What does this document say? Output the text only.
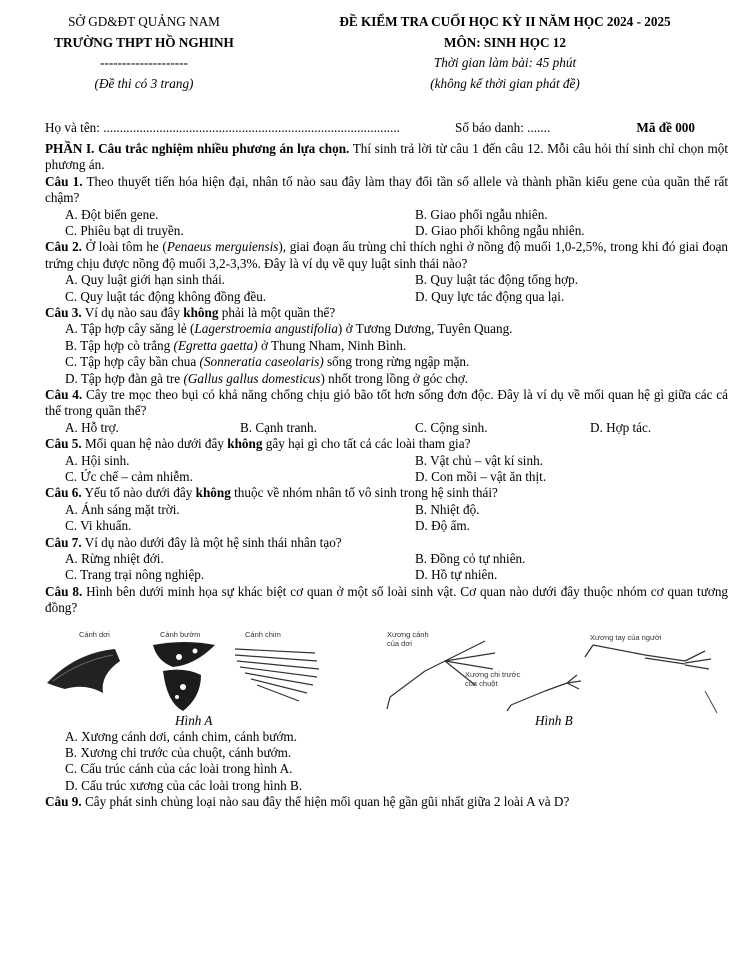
SỞ GD&ĐT QUẢNG NAM
TRƯỜNG THPT HỒ NGHINH
--------------------
(Đề thi có 3 trang)
ĐỀ KIỂM TRA CUỐI HỌC KỲ II NĂM HỌC 2024 - 2025
MÔN: SINH HỌC 12
Thời gian làm bài: 45 phút
(không kể thời gian phát đề)
Họ và tên: ..........................................................................................	Số báo danh: .......	Mã đề 000

PHẦN I. Câu trắc nghiệm nhiều phương án lựa chọn. Thí sinh trả lời từ câu 1 đến câu 12. Mỗi câu hỏi thí sinh chỉ chọn một phương án.

Câu 1. Theo thuyết tiến hóa hiện đại, nhân tố nào sau đây làm thay đổi tần số allele và thành phần kiểu gene của quần thể rất chậm?

A. Đột biến gene.	B. Giao phối ngẫu nhiên.
C. Phiêu bạt di truyền.	D. Giao phối không ngẫu nhiên.

Câu 2. Ở loài tôm he (Penaeus merguiensis), giai đoạn ấu trùng chỉ thích nghi ở nồng độ muối 1,0-2,5%, trong khi đó giai đoạn trứng chịu được nồng độ muối 3,2-3,3%. Đây là ví dụ về quy luật sinh thái nào?

A. Quy luật giới hạn sinh thái.	B. Quy luật tác động tổng hợp.
C. Quy luật tác động không đồng đều.	D. Quy lực tác động qua lại.

Câu 3. Ví dụ nào sau đây không phải là một quần thể?

A. Tập hợp cây săng lẻ (Lagerstroemia angustifolia) ở Tương Dương, Tuyên Quang.

B. Tập hợp cò trắng (Egretta gaetta) ở Thung Nham, Ninh Bình.

C. Tập hợp cây bần chua (Sonneratia caseolaris) sống trong rừng ngập mặn.

D. Tập hợp đàn gà tre (Gallus gallus domesticus) nhốt trong lồng ở góc chợ.

Câu 4. Cây tre mọc theo bụi có khả năng chống chịu gió bão tốt hơn sống đơn độc. Đây là ví dụ về mối quan hệ gì giữa các cá thể trong quần thể?

A. Hỗ trợ.	B. Cạnh tranh.	C. Cộng sinh.	D. Hợp tác.

Câu 5. Mối quan hệ nào dưới đây không gây hại gì cho tất cả các loài tham gia?

A. Hội sinh.	B. Vật chủ – vật kí sinh.
C. Ức chế – cảm nhiễm.	D. Con mồi – vật ăn thịt.

Câu 6. Yếu tố nào dưới đây không thuộc về nhóm nhân tố vô sinh trong hệ sinh thái?

A. Ánh sáng mặt trời.	B. Nhiệt độ.
C. Vi khuẩn.	D. Độ ẩm.

Câu 7. Ví dụ nào dưới đây là một hệ sinh thái nhân tạo?

A. Rừng nhiệt đới.	B. Đồng cỏ tự nhiên.
C. Trang trại nông nghiệp.	D. Hồ tự nhiên.

Câu 8. Hình bên dưới minh họa sự khác biệt cơ quan ở một số loài sinh vật. Cơ quan nào dưới đây thuộc nhóm cơ quan tương đồng?

Cánh dơi	Cánh bướm	Cánh chim	Xương cánh
của dơi
Xương tay của người
Xương chi trước
của chuột
Hình A	Hình B

A. Xương cánh dơi, cánh chim, cánh bướm.

B. Xương chi trước của chuột, cánh bướm.

C. Cấu trúc cánh của các loài trong hình A.

D. Cấu trúc xương của các loài trong hình B.

Câu 9. Cây phát sinh chủng loại nào sau đây thể hiện mối quan hệ gần gũi nhất giữa 2 loài A và D?
